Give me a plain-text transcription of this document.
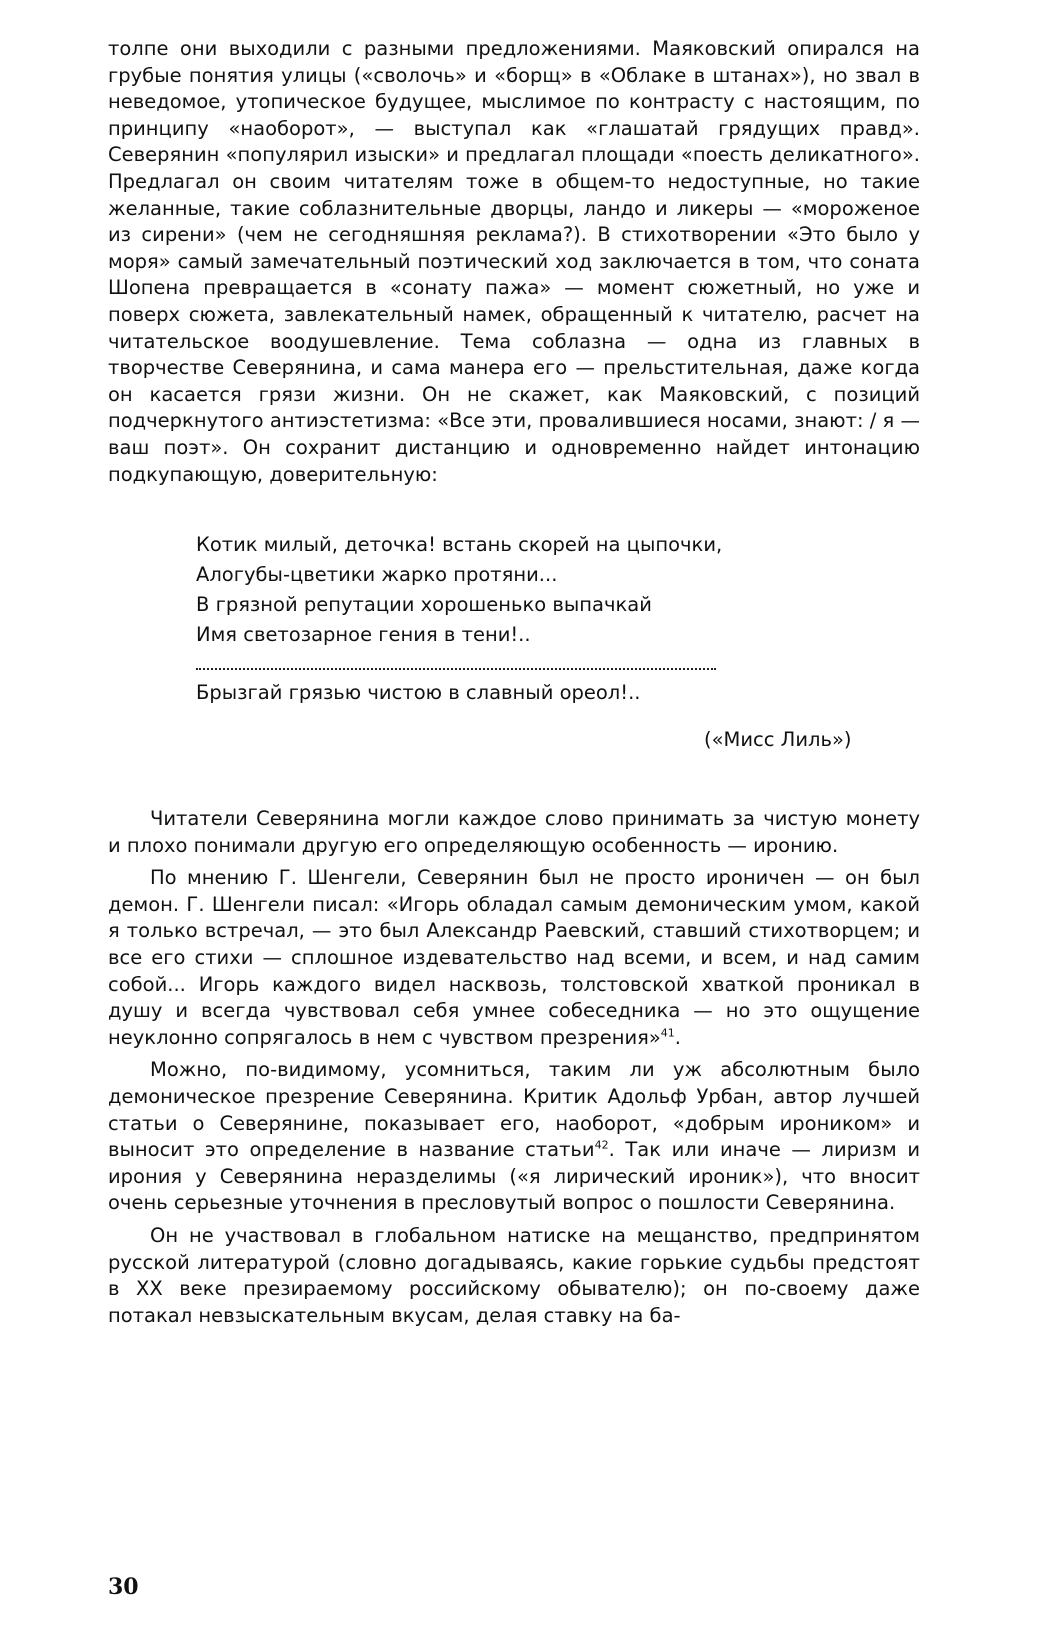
толпе они выходили с разными предложениями. Маяковский опирался на грубые понятия улицы («сволочь» и «борщ» в «Облаке в штанах»), но звал в неведомое, утопическое будущее, мыслимое по контрасту с настоящим, по принципу «наоборот», — выступал как «глашатай грядущих правд». Северянин «популярил изыски» и предлагал площади «поесть деликатного». Предлагал он своим читателям тоже в общем-то недоступные, но такие желанные, такие соблазнительные дворцы, ландо и ликеры — «мороженое из сирени» (чем не сегодняшняя реклама?). В стихотворении «Это было у моря» самый замечательный поэтический ход заключается в том, что соната Шопена превращается в «сонату пажа» — момент сюжетный, но уже и поверх сюжета, завлекательный намек, обращенный к читателю, расчет на читательское воодушевление. Тема соблазна — одна из главных в творчестве Северянина, и сама манера его — прельстительная, даже когда он касается грязи жизни. Он не скажет, как Маяковский, с позиций подчеркнутого антиэстетизма: «Все эти, провалившиеся носами, знают: / я — ваш поэт». Он сохранит дистанцию и одновременно найдет интонацию подкупающую, доверительную:

Котик милый, деточка! встань скорей на цыпочки,
Алогубы-цветики жарко протяни...
В грязной репутации хорошенько выпачкай
Имя светозарное гения в тени!..
Брызгай грязью чистою в славный ореол!..
(«Мисс Лиль»)

Читатели Северянина могли каждое слово принимать за чистую монету и плохо понимали другую его определяющую особенность — иронию.

По мнению Г. Шенгели, Северянин был не просто ироничен — он был демон. Г. Шенгели писал: «Игорь обладал самым демоническим умом, какой я только встречал, — это был Александр Раевский, ставший стихотворцем; и все его стихи — сплошное издевательство над всеми, и всем, и над самим собой... Игорь каждого видел насквозь, толстовской хваткой проникал в душу и всегда чувствовал себя умнее собеседника — но это ощущение неуклонно сопрягалось в нем с чувством презрения»$^{41}$.

Можно, по-видимому, усомниться, таким ли уж абсолютным было демоническое презрение Северянина. Критик Адольф Урбан, автор лучшей статьи о Северянине, показывает его, наоборот, «добрым ироником» и выносит это определение в название статьи$^{42}$. Так или иначе — лиризм и ирония у Северянина неразделимы («я лирический ироник»), что вносит очень серьезные уточнения в пресловутый вопрос о пошлости Северянина.

Он не участвовал в глобальном натиске на мещанство, предпринятом русской литературой (словно догадываясь, какие горькие судьбы предстоят в XX веке презираемому российскому обывателю); он по-своему даже потакал невзыскательным вкусам, делая ставку на ба-

30
